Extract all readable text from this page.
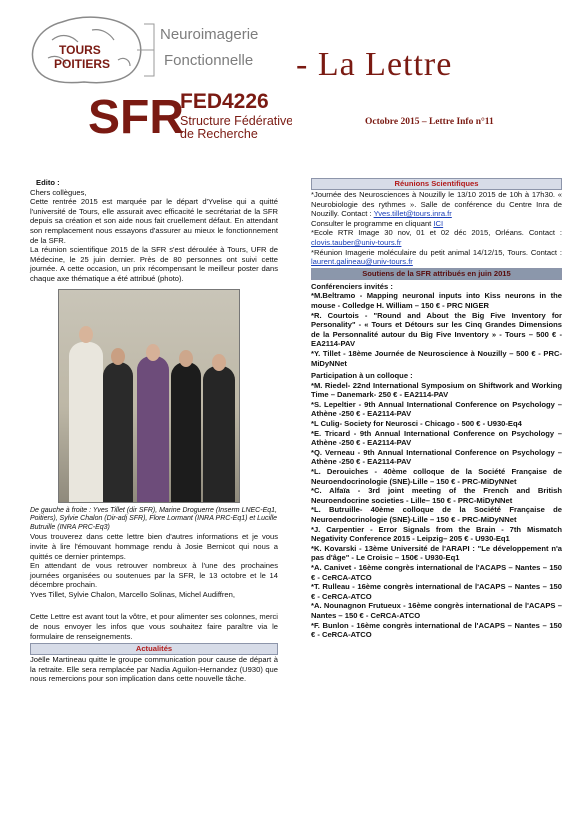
TOURS
POITIERS
Neuroimagerie
Fonctionnelle
SFR
FED4226
Structure Fédérative
de Recherche
- La Lettre
Octobre 2015 – Lettre Info n°11
Edito :

Chers collègues,

Cette rentrée 2015 est marquée par le départ d'Yvelise qui a quitté l'université de Tours, elle assurait avec efficacité le secrétariat de la SFR depuis sa création et son aide nous fait cruellement défaut. En attendant son remplacement nous essayons d'assurer au mieux le fonctionnement de la SFR.

La réunion scientifique 2015 de la SFR s'est déroulée à Tours, UFR de Médecine, le 25 juin dernier. Près de 80 personnes ont suivi cette journée. A cette occasion, un prix récompensant le meilleur poster dans chaque axe thématique a été attribué (photo).

De gauche à froite : Yves Tillet (dir SFR), Marine Droguerre (Inserm LNEC-Eq1, Poitiers), Sylvie Chalon (Dir-adj SFR), Flore Lormant (INRA PRC-Eq1) et Lucille Butruille (INRA PRC-Eq3)

Vous trouverez dans cette lettre bien d'autres informations et je vous invite à lire l'émouvant hommage rendu à Josie Bernicot qui nous a quittés ce dernier printemps.

En attendant de vous retrouver nombreux à l'une des prochaines journées organisées ou soutenues par la SFR, le 13 octobre et le 14 décembre prochain.

Yves Tillet, Sylvie Chalon, Marcello Solinas, Michel Audiffren,

Cette Lettre est avant tout la vôtre, et pour alimenter ses colonnes, merci de nous envoyer les infos que vous souhaitez faire paraître via le formulaire de renseignements.

Actualités

Joëlle Martineau quitte le groupe communication pour cause de départ à la retraite. Elle sera remplacée par Nadia Aguilon-Hernandez (U930) que nous remercions pour son implication dans cette nouvelle tâche.

Réunions Scientifiques

*Journée des Neurosciences à Nouzilly le 13/10 2015 de 10h à 17h30. « Neurobiologie des rythmes ». Salle de conférence du Centre Inra de Nouzilly. Contact : Yves.tillet@tours.inra.fr

Consulter le programme en cliquant ICI

*Ecole RTR Image 30 nov, 01 et 02 déc 2015, Orléans. Contact : clovis.tauber@univ-tours.fr

*Réunion Imagerie moléculaire du petit animal 14/12/15, Tours. Contact : laurent.galineau@univ-tours.fr

Soutiens de la SFR attribués en juin 2015
Conférenciers invités :

*M.Beltramo - Mapping neuronal inputs into Kiss neurons in the mouse - Colledge H. William – 150 € - PRC NIGER

*R. Courtois - "Round and About the Big Five Inventory for Personality" - « Tours et Détours sur les Cinq Grandes Dimensions de la Personnalité autour du Big Five Inventory » - Tours – 500 € - EA2114-PAV

*Y. Tillet - 18ème Journée de Neuroscience à Nouzilly – 500 € - PRC-MiDyNNet

Participation à un colloque :

*M. Riedel- 22nd International Symposium on Shiftwork and Working Time – Danemark- 250 € - EA2114-PAV

*S. Lepeltier - 9th Annual International Conference on Psychology – Athène -250 € - EA2114-PAV

*L Culig- Society for Neurosci - Chicago - 500 € - U930-Eq4

*E. Tricard - 9th Annual International Conference on Psychology – Athène -250 € - EA2114-PAV

*Q. Verneau - 9th Annual International Conference on Psychology – Athène -250 € - EA2114-PAV

*L. Derouiches - 40ème colloque de la Société Française de Neuroendocrinologie (SNE)-Lille – 150 € - PRC-MiDyNNet

*C. Alfaïa - 3rd joint meeting of the French and British Neuroendocrine societies - Lille– 150 € - PRC-MiDyNNet

*L. Butruille- 40ème colloque de la Société Française de Neuroendocrinologie (SNE)-Lille – 150 € - PRC-MiDyNNet

*J. Carpentier - Error Signals from the Brain - 7th Mismatch Negativity Conference 2015 - Leipzig– 205 € - U930-Eq1

*K. Kovarski - 13ème Université de l'ARAPI : "Le développement n'a pas d'âge" - Le Croisic – 150€ - U930-Eq1

*A. Canivet - 16ème congrès international de l'ACAPS – Nantes – 150 € - CeRCA-ATCO

*T. Rulleau - 16ème congrès international de l'ACAPS – Nantes – 150 € - CeRCA-ATCO

*A. Nounagnon Frutueux - 16ème congrès international de l'ACAPS – Nantes – 150 € - CeRCA-ATCO

*F. Bunlon - 16ème congrès international de l'ACAPS – Nantes – 150 € - CeRCA-ATCO
